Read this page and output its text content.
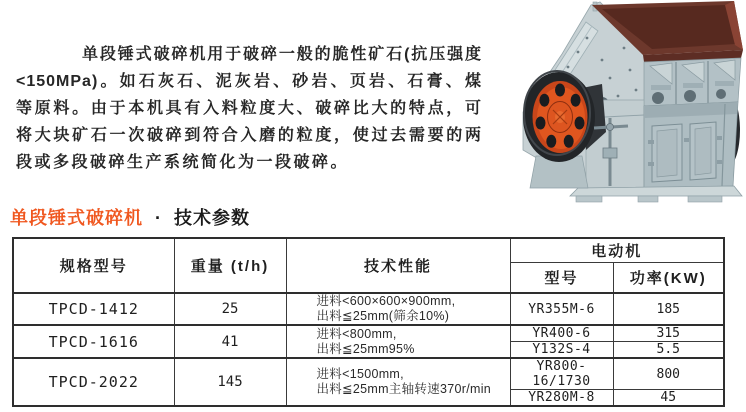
单段锤式破碎机用于破碎一般的脆性矿石(抗压强度
<150MPa)。如石灰石、泥灰岩、砂岩、页岩、石膏、煤
等原料。由于本机具有入料粒度大、破碎比大的特点，可
将大块矿石一次破碎到符合入磨的粒度，使过去需要的两
段或多段破碎生产系统简化为一段破碎。
单段锤式破碎机 · 技术参数
规格型号	重量 (t/h)	技术性能	电动机	
			型号	功率(KW)
TPCD-1412	25	进料<600×600×900mm,
出料≦25mm(筛余10%)	YR355M-6	185
TPCD-1616	41	进料<800mm,
出料≦25mm95%	YR400-6	315
			Y132S-4	5.5
TPCD-2022	145	进料<1500mm,
出料≦25mm主轴转速370r/min	YR800-16/1730	800
			YR280M-8	45
